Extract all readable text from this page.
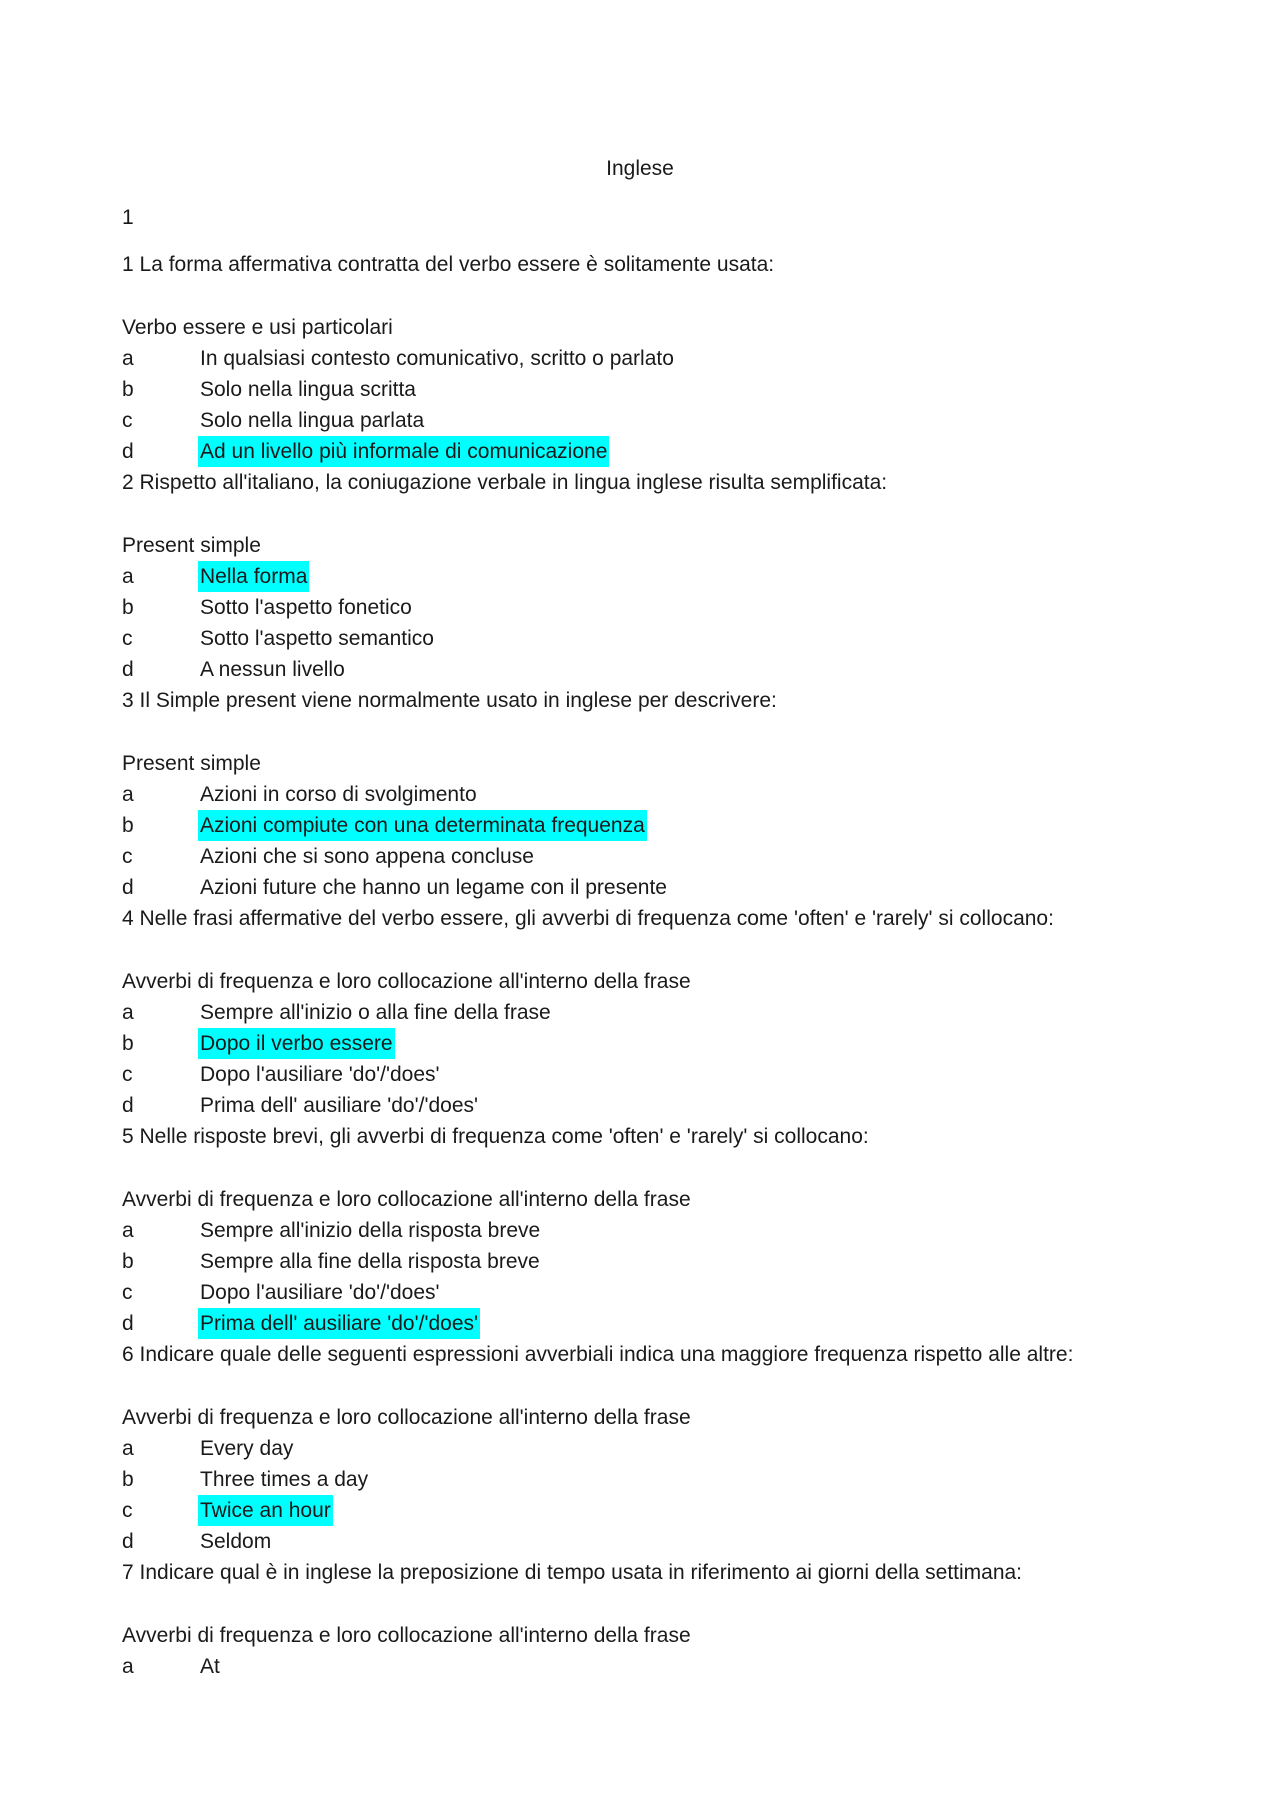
Inglese
1
1 La forma affermativa contratta del verbo essere è solitamente usata:
Verbo essere e usi particolari
a	In qualsiasi contesto comunicativo, scritto o parlato
b	Solo nella lingua scritta
c	Solo nella lingua parlata
d	Ad un livello più informale di comunicazione
2 Rispetto all'italiano, la coniugazione verbale in lingua inglese risulta semplificata:
Present simple
a	Nella forma
b	Sotto l'aspetto fonetico
c	Sotto l'aspetto semantico
d	A nessun livello
3 Il Simple present viene normalmente usato in inglese per descrivere:
Present simple
a	Azioni in corso di svolgimento
b	Azioni compiute con una determinata frequenza
c	Azioni che si sono appena concluse
d	Azioni future che hanno un legame con il presente
4 Nelle frasi affermative del verbo essere, gli avverbi di frequenza come 'often' e 'rarely' si collocano:
Avverbi di frequenza e loro collocazione all'interno della frase
a	Sempre all'inizio o alla fine della frase
b	Dopo il verbo essere
c	Dopo l'ausiliare 'do'/'does'
d	Prima dell' ausiliare 'do'/'does'
5 Nelle risposte brevi, gli avverbi di frequenza come 'often' e 'rarely' si collocano:
Avverbi di frequenza e loro collocazione all'interno della frase
a	Sempre all'inizio della risposta breve
b	Sempre alla fine della risposta breve
c	Dopo l'ausiliare 'do'/'does'
d	Prima dell' ausiliare 'do'/'does'
6 Indicare quale delle seguenti espressioni avverbiali indica una maggiore frequenza rispetto alle altre:
Avverbi di frequenza e loro collocazione all'interno della frase
a	Every day
b	Three times a day
c	Twice an hour
d	Seldom
7 Indicare qual è in inglese la preposizione di tempo usata in riferimento ai giorni della settimana:
Avverbi di frequenza e loro collocazione all'interno della frase
a	At
